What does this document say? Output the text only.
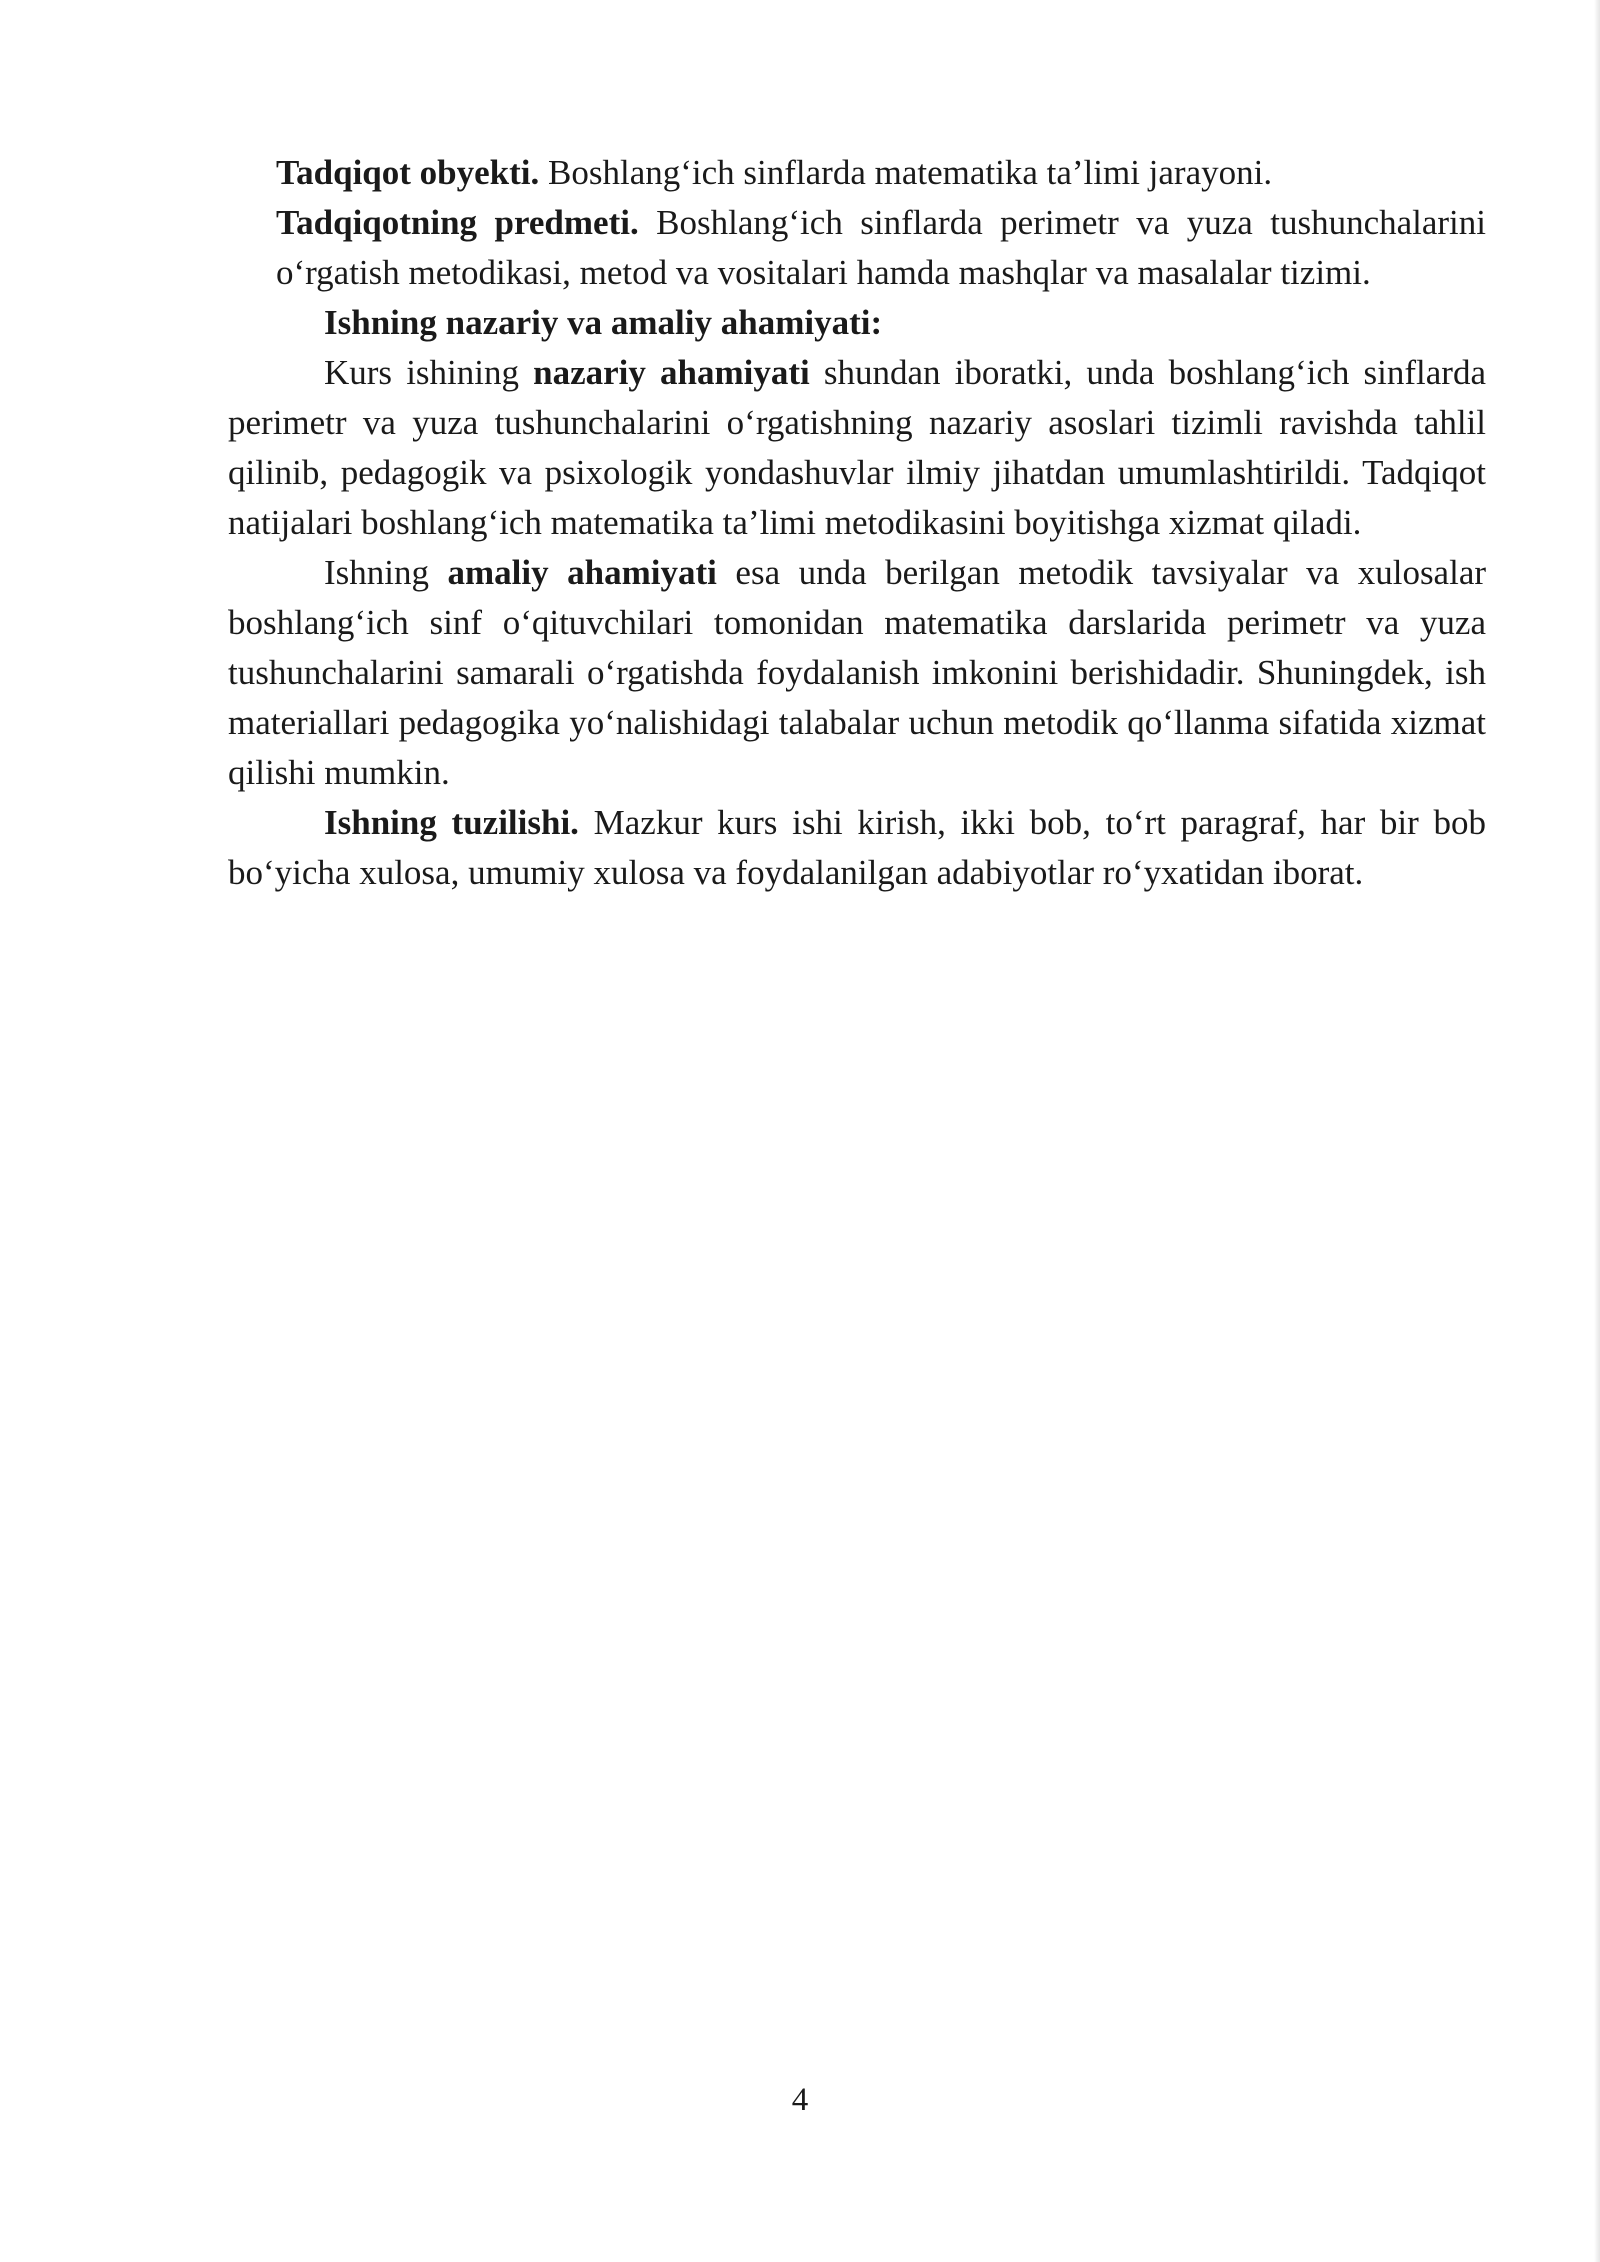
Tadqiqot obyekti. Boshlang‘ich sinflarda matematika ta’limi jarayoni.

Tadqiqotning predmeti. Boshlang‘ich sinflarda perimetr va yuza tushunchalarini o‘rgatish metodikasi, metod va vositalari hamda mashqlar va masalalar tizimi.

Ishning nazariy va amaliy ahamiyati:

Kurs ishining nazariy ahamiyati shundan iboratki, unda boshlang‘ich sinflarda perimetr va yuza tushunchalarini o‘rgatishning nazariy asoslari tizimli ravishda tahlil qilinib, pedagogik va psixologik yondashuvlar ilmiy jihatdan umumlashtirildi. Tadqiqot natijalari boshlang‘ich matematika ta’limi metodikasini boyitishga xizmat qiladi.

Ishning amaliy ahamiyati esa unda berilgan metodik tavsiyalar va xulosalar boshlang‘ich sinf o‘qituvchilari tomonidan matematika darslarida perimetr va yuza tushunchalarini samarali o‘rgatishda foydalanish imkonini berishidadir. Shuningdek, ish materiallari pedagogika yo‘nalishidagi talabalar uchun metodik qo‘llanma sifatida xizmat qilishi mumkin.

Ishning tuzilishi. Mazkur kurs ishi kirish, ikki bob, to‘rt paragraf, har bir bob bo‘yicha xulosa, umumiy xulosa va foydalanilgan adabiyotlar ro‘yxatidan iborat.

4
